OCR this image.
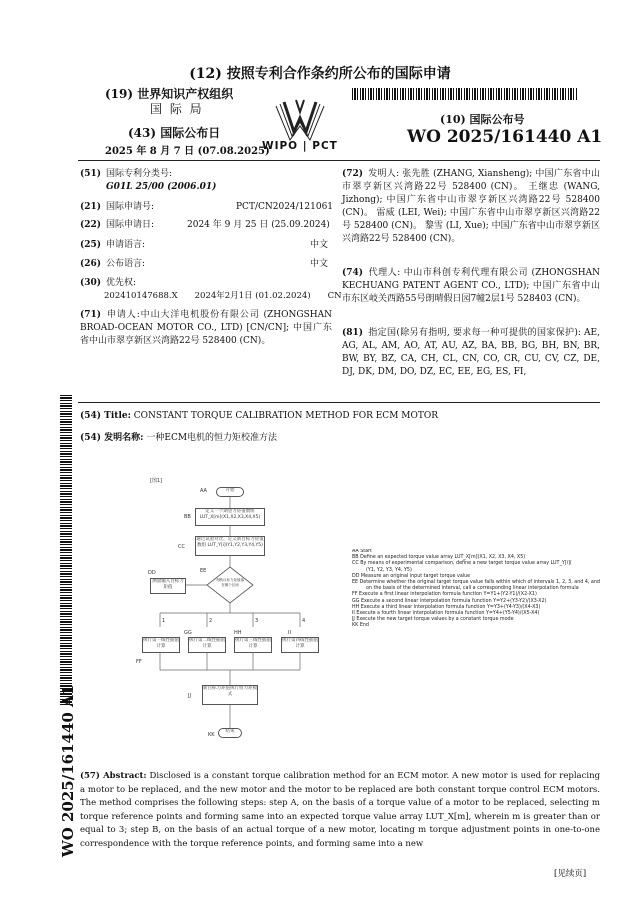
(12) 按照专利合作条约所公布的国际申请
(19) 世界知识产权组织
国 际 局
(43) 国际公布日
2025 年 8 月 7 日 (07.08.2025)
WIPO | PCT
(10) 国际公布号
WO 2025/161440 A1
(51) 国际专利分类号:
G01L 25/00 (2006.01)
(21) 国际申请号:	PCT/CN2024/121061
(22) 国际申请日:	2024 年 9 月 25 日 (25.09.2024)
(25) 申请语言:	中文
(26) 公布语言:	中文
(30) 优先权:
202410147688.X　　2024年2月1日 (01.02.2024)　　CN
(71) 申请人:中山大洋电机股份有限公司 (ZHONGSHAN BROAD-OCEAN MOTOR CO., LTD) [CN/CN]; 中国广东省中山市翠亨新区兴湾路22号 528400 (CN)。
(72) 发明人: 张先胜 (ZHANG, Xiansheng); 中国广东省中山市翠亨新区兴湾路22号 528400 (CN)。 王继忠 (WANG, Jizhong); 中国广东省中山市翠亨新区兴湾路22号 528400 (CN)。 雷威 (LEI, Wei); 中国广东省中山市翠亨新区兴湾路22号 528400 (CN)。 黎雪 (LI, Xue); 中国广东省中山市翠亨新区兴湾路22号 528400 (CN)。
(74) 代理人: 中山市科创专利代理有限公司 (ZHONGSHAN KECHUANG PATENT AGENT CO., LTD); 中国广东省中山市东区岐关西路55号朗晴假日园7幢2层1号 528403 (CN)。
(81) 指定国(除另有指明, 要求每一种可提供的国家保护): AE, AG, AL, AM, AO, AT, AU, AZ, BA, BB, BG, BH, BN, BR, BW, BY, BZ, CA, CH, CL, CN, CO, CR, CU, CV, CZ, DE, DJ, DK, DM, DO, DZ, EC, EE, EG, ES, FI,
WO 2025/161440 A1
(54) Title: CONSTANT TORQUE CALIBRATION METHOD FOR ECM MOTOR
(54) 发明名称: 一种ECM电机的恒力矩校准方法
[图1]
AA	开始
BB
定义一个期望力矩值数组 LUT_X[m](X1,X2,X3,X4,X5)
CC
通过试验对比，定义新目标力矩值数组 LUT_Y[i](Y1,Y2,Y3,Y4,Y5)
DD
测量输入目标力矩值
EE
判断目标力矩值落在哪个区间
1	2	3	4
GG	HH	II
执行第一线性插值计算
执行第二线性插值计算
执行第三线性插值计算
执行第四线性插值计算
FF
JJ
新目标力矩值执行恒力矩模式
KK
结束
AA Start
BB Define an expected torque value array LUT_X[m](X1, X2, X3, X4, X5)
CC By means of experimental comparison, define a new target torque value array LUT_Y[i](
(Y1, Y2, Y3, Y4, Y5)
DD Measure an original input target torque value
EE Determine whether the original target torque value falls within which of intervals 1, 2, 3, and 4, and
on the basis of the determined interval, call a corresponding linear interpolation formula
FF Execute a first linear interpolation formula function Y=Y1+(Y2-Y1)/(X2-X1)
GG Execute a second linear interpolation formula function Y=Y2+(Y3-Y2)/(X3-X2)
HH Execute a third linear interpolation formula function Y=Y3+(Y4-Y3)/(X4-X3)
II Execute a fourth linear interpolation formula function Y=Y4+(Y5-Y4)/(X5-X4)
JJ Execute the new target torque values by a constant torque mode
KK End
(57) Abstract: Disclosed is a constant torque calibration method for an ECM motor. A new motor is used for replacing a motor to be replaced, and the new motor and the motor to be replaced are both constant torque control ECM motors. The method comprises the following steps: step A, on the basis of a torque value of a motor to be replaced, selecting m torque reference points and forming same into an expected torque value array LUT_X[m], wherein m is greater than or equal to 3; step B, on the basis of an actual torque of a new motor, locating m torque adjustment points in one-to-one correspondence with the torque reference points, and forming same into a new
[见续页]
